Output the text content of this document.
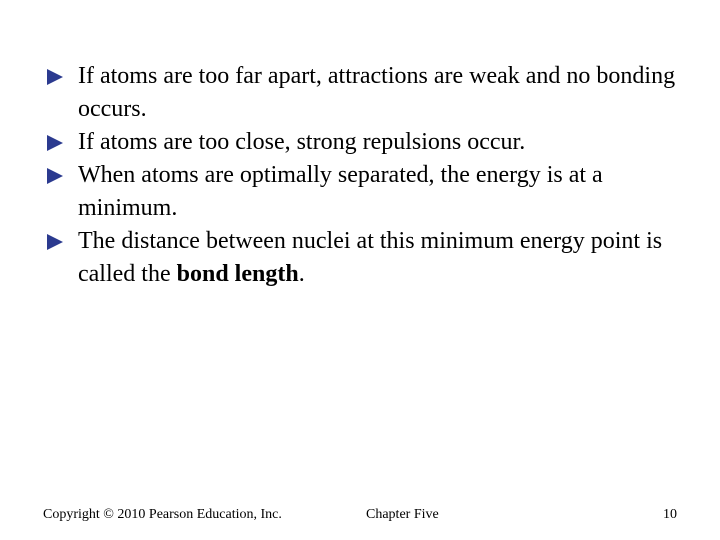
If atoms are too far apart, attractions are weak and no bonding occurs.
If atoms are too close, strong repulsions occur.
When atoms are optimally separated, the energy is at a minimum.
The distance between nuclei at this minimum energy point is called the bond length.
Copyright © 2010 Pearson Education, Inc.	Chapter Five	10
